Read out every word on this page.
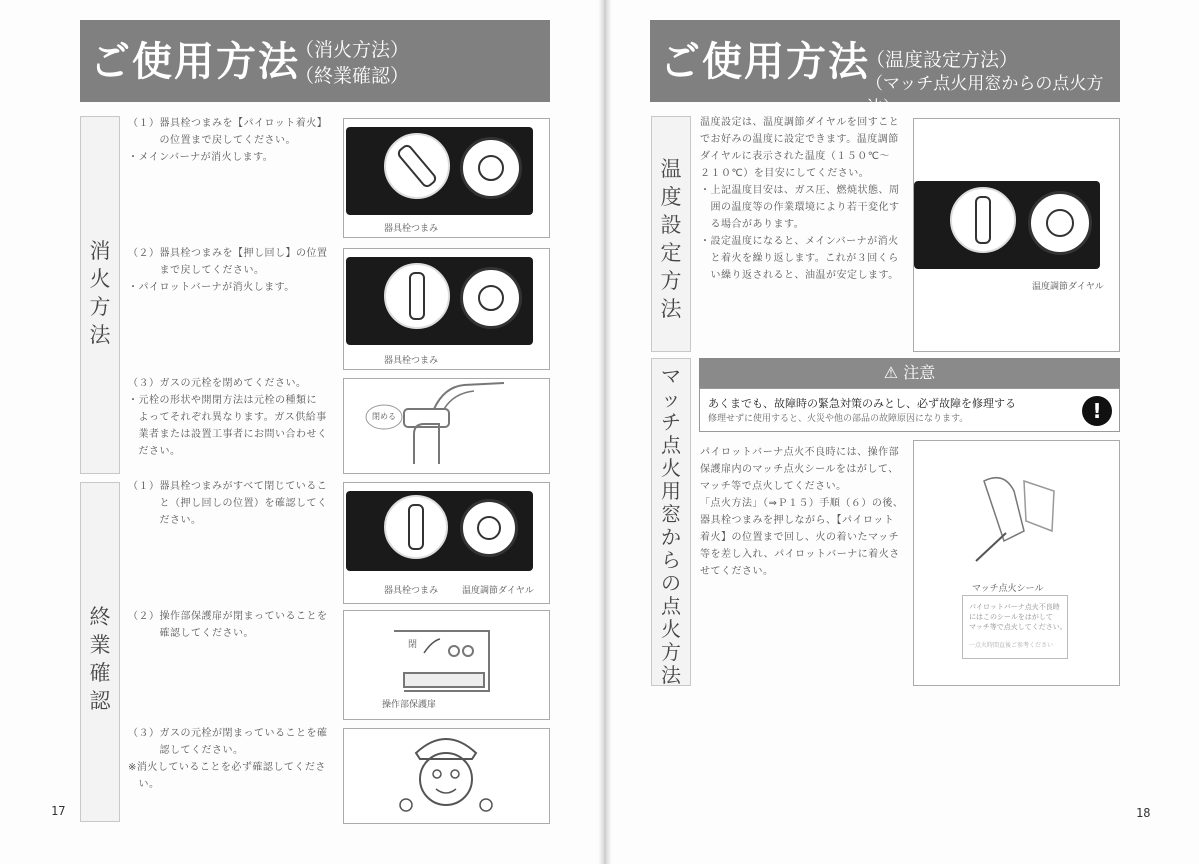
ご使用方法
（消火方法）
（終業確認）
消火方法
終業確認
（１）器具栓つまみを【パイロット着火】
　　　の位置まで戻してください。
・メインバーナが消火します。
器具栓つまみ
（２）器具栓つまみを【押し回し】の位置
　　　まで戻してください。
・パイロットバーナが消火します。
器具栓つまみ
（３）ガスの元栓を閉めてください。
・元栓の形状や開閉方法は元栓の種類に
　よってそれぞれ異なります。ガス供給事
　業者または設置工事者にお問い合わせく
　ださい。
閉める
（１）器具栓つまみがすべて閉じているこ
　　　と（押し回しの位置）を確認してく
　　　ださい。
器具栓つまみ	温度調節ダイヤル
（２）操作部保護扉が閉まっていることを
　　　確認してください。
閉
操作部保護扉
（３）ガスの元栓が閉まっていることを確
　　　認してください。
※消火していることを必ず確認してくださ
　い。
17
ご使用方法
（温度設定方法）
（マッチ点火用窓からの点火方法）
温度設定方法
マッチ点火用窓からの点火方法
温度設定は、温度調節ダイヤルを回すこと
でお好みの温度に設定できます。温度調節
ダイヤルに表示された温度（１５０℃～
２１０℃）を目安にしてください。
・上記温度目安は、ガス圧、燃焼状態、周
　囲の温度等の作業環境により若干変化す
　る場合があります。
・設定温度になると、メインバーナが消火
　と着火を繰り返します。これが３回くら
　い繰り返されると、油温が安定します。
温度調節ダイヤル
⚠ 注意
あくまでも、故障時の緊急対策のみとし、必ず故障を修理する
修理せずに使用すると、火災や他の部品の故障原因になります。	!
パイロットバーナ点火不良時には、操作部
保護扉内のマッチ点火シールをはがして、
マッチ等で点火してください。
「点火方法」（⇒Ｐ１５）手順（６）の後、
器具栓つまみを押しながら、【パイロット
着火】の位置まで回し、火の着いたマッチ
等を差し入れ、パイロットバーナに着火さ
せてください。
マッチ点火シール
パイロットバーナ点火不良時
にはこのシールをはがして
マッチ等で点火してください。
一点火時間直後ご参考ください
18
